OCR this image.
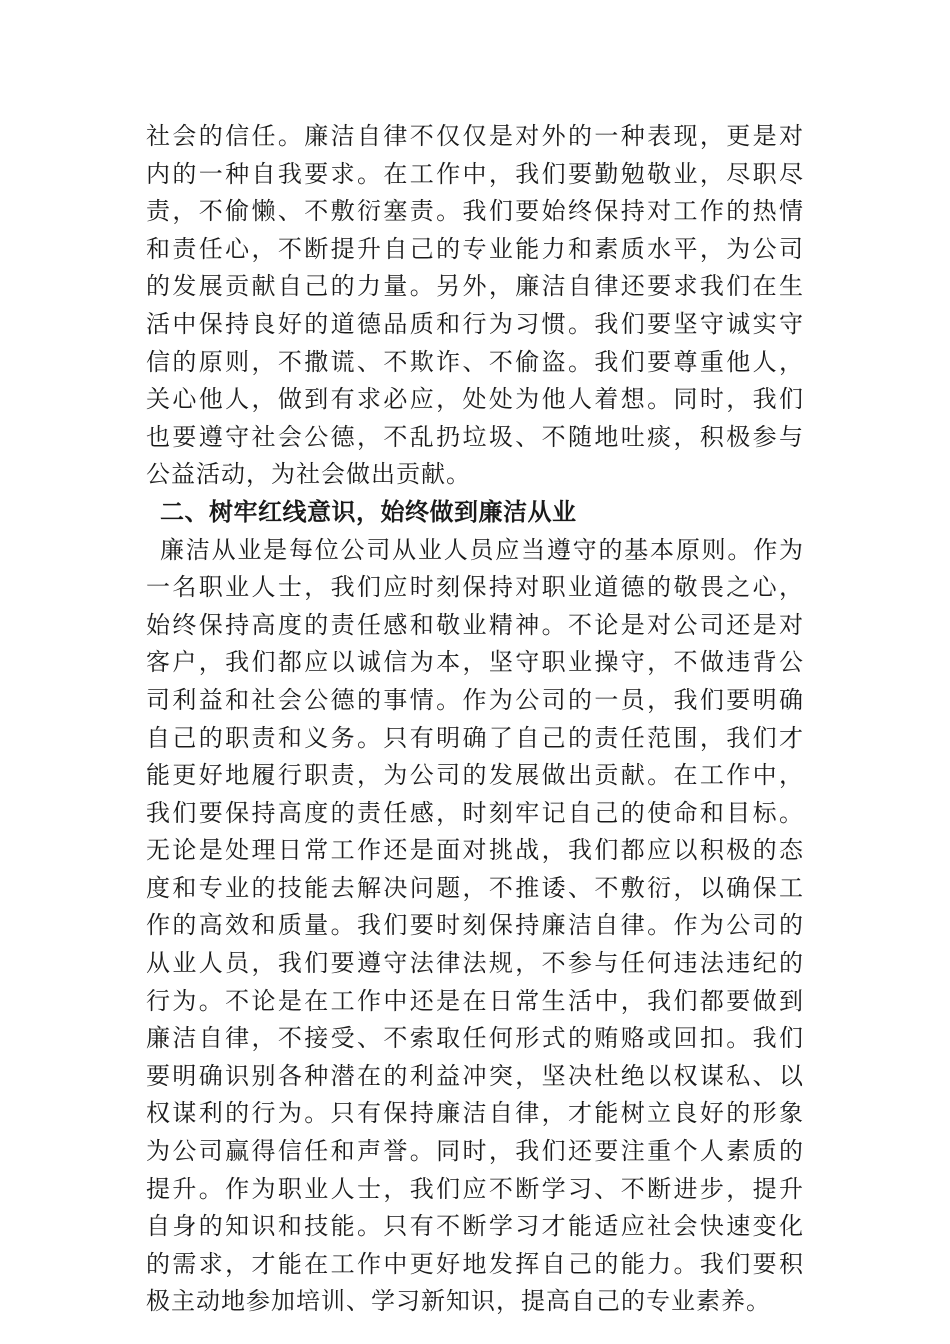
社会的信任。廉洁自律不仅仅是对外的一种表现，更是对
内的一种自我要求。在工作中，我们要勤勉敬业，尽职尽
责，不偷懒、不敷衍塞责。我们要始终保持对工作的热情
和责任心，不断提升自己的专业能力和素质水平，为公司
的发展贡献自己的力量。另外，廉洁自律还要求我们在生
活中保持良好的道德品质和行为习惯。我们要坚守诚实守
信的原则，不撒谎、不欺诈、不偷盗。我们要尊重他人，
关心他人，做到有求必应，处处为他人着想。同时，我们
也要遵守社会公德，不乱扔垃圾、不随地吐痰，积极参与
公益活动，为社会做出贡献。
二、树牢红线意识，始终做到廉洁从业
廉洁从业是每位公司从业人员应当遵守的基本原则。作为
一名职业人士，我们应时刻保持对职业道德的敬畏之心，
始终保持高度的责任感和敬业精神。不论是对公司还是对
客户，我们都应以诚信为本，坚守职业操守，不做违背公
司利益和社会公德的事情。作为公司的一员，我们要明确
自己的职责和义务。只有明确了自己的责任范围，我们才
能更好地履行职责，为公司的发展做出贡献。在工作中，
我们要保持高度的责任感，时刻牢记自己的使命和目标。
无论是处理日常工作还是面对挑战，我们都应以积极的态
度和专业的技能去解决问题，不推诿、不敷衍，以确保工
作的高效和质量。我们要时刻保持廉洁自律。作为公司的
从业人员，我们要遵守法律法规，不参与任何违法违纪的
行为。不论是在工作中还是在日常生活中，我们都要做到
廉洁自律，不接受、不索取任何形式的贿赂或回扣。我们
要明确识别各种潜在的利益冲突，坚决杜绝以权谋私、以
权谋利的行为。只有保持廉洁自律，才能树立良好的形象
为公司赢得信任和声誉。同时，我们还要注重个人素质的
提升。作为职业人士，我们应不断学习、不断进步，提升
自身的知识和技能。只有不断学习才能适应社会快速变化
的需求，才能在工作中更好地发挥自己的能力。我们要积
极主动地参加培训、学习新知识，提高自己的专业素养。
